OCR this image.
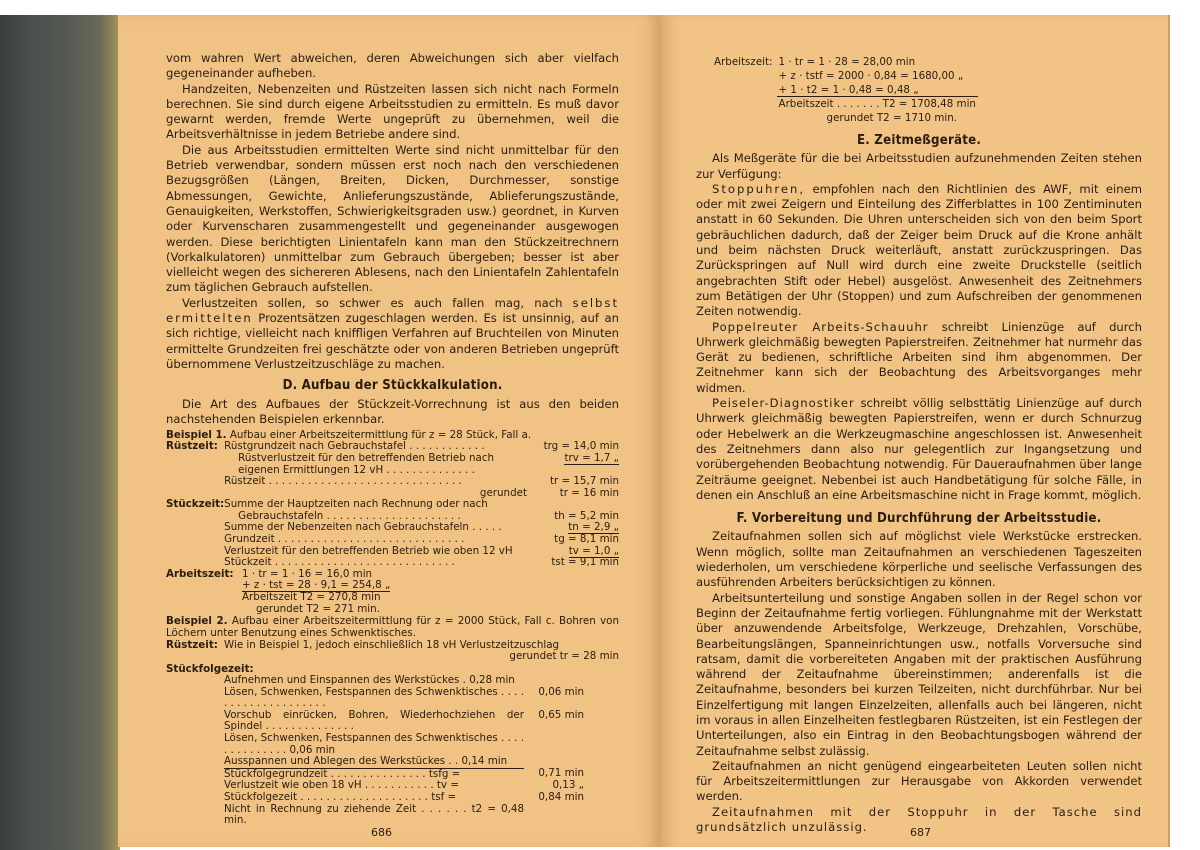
vom wahren Wert abweichen, deren Abweichungen sich aber vielfach gegeneinander aufheben.

Handzeiten, Nebenzeiten und Rüstzeiten lassen sich nicht nach Formeln berechnen. Sie sind durch eigene Arbeitsstudien zu ermitteln. Es muß davor gewarnt werden, fremde Werte ungeprüft zu übernehmen, weil die Arbeitsverhältnisse in jedem Betriebe andere sind.

Die aus Arbeitsstudien ermittelten Werte sind nicht unmittelbar für den Betrieb verwendbar, sondern müssen erst noch nach den verschiedenen Bezugsgrößen (Längen, Breiten, Dicken, Durchmesser, sonstige Abmessungen, Gewichte, Anlieferungszustände, Ablieferungszustände, Genauigkeiten, Werkstoffen, Schwierigkeitsgraden usw.) geordnet, in Kurven oder Kurvenscharen zusammengestellt und gegeneinander ausgewogen werden. Diese berichtigten Linientafeln kann man den Stückzeitrechnern (Vorkalkulatoren) unmittelbar zum Gebrauch übergeben; besser ist aber vielleicht wegen des sichereren Ablesens, nach den Linientafeln Zahlentafeln zum täglichen Gebrauch aufstellen.

Verlustzeiten sollen, so schwer es auch fallen mag, nach selbst ermittelten Prozentsätzen zugeschlagen werden. Es ist unsinnig, auf an sich richtige, vielleicht nach kniffligen Verfahren auf Bruchteilen von Minuten ermittelte Grundzeiten frei geschätzte oder von anderen Betrieben ungeprüft übernommene Verlustzeitzuschläge zu machen.

D. Aufbau der Stückkalkulation.

Die Art des Aufbaues der Stückzeit-Vorrechnung ist aus den beiden nachstehenden Beispielen erkennbar.

Beispiel 1. Aufbau einer Arbeitszeitermittlung für z = 28 Stück, Fall a.
Rüstzeit:	Rüstgrundzeit nach Gebrauchstafel . . . . . . . . . . . .	trg = 14,0 min

	Rüstverlustzeit für den betreffenden Betrieb nach
eigenen Ermittlungen 12 vH . . . . . . . . . . . . . .	trv = 1,7 „

	Rüstzeit . . . . . . . . . . . . . . . . . . . . . . . . . . . . . .	tr = 15,7 min
	gerundet	tr = 16 min
Stückzeit:	Summe der Hauptzeiten nach Rechnung oder nach
Gebrauchstafeln . . . . . . . . . . . . . . . . . . . . .	th = 5,2 min
	Summe der Nebenzeiten nach Gebrauchstafeln . . . . .	tn = 2,9 „
	Grundzeit . . . . . . . . . . . . . . . . . . . . . . . . . . . . .	tg = 8,1 min
	Verlustzeit für den betreffenden Betrieb wie oben 12 vH	tv = 1,0 „
	Stückzeit . . . . . . . . . . . . . . . . . . . . . . . . . . . .	tst = 9,1 min
Arbeitszeit:	1 · tr = 1 · 16 = 16,0 min
	+ z · tst = 28 · 9,1 = 254,8 „
	Arbeitszeit T2 = 270,8 min
	gerundet T2 = 271 min.
Beispiel 2. Aufbau einer Arbeitszeitermittlung für z = 2000 Stück, Fall c. Bohren von Löchern unter Benutzung eines Schwenktisches.
Rüstzeit:	Wie in Beispiel 1, jedoch einschließlich 18 vH Verlustzeitzuschlag
gerundet tr = 28 min
Stückfolgezeit:
Aufnehmen und Einspannen des Werkstückes . 0,28 min	
Lösen, Schwenken, Festspannen des Schwenktisches . . . . . . . . . . . . . . . . . . . .	0,06 min
Vorschub einrücken, Bohren, Wiederhochziehen der Spindel . . . . . . . . . . . . . .	0,65 min
Lösen, Schwenken, Festspannen des Schwenktisches . . . . . . . . . . . . . . 0,06 min	
Ausspannen und Ablegen des Werkstückes . . 0,14 min	
Stückfolgegrundzeit . . . . . . . . . . . . . . . tsfg =	0,71 min
Verlustzeit wie oben 18 vH . . . . . . . . . . . tv =	0,13 „
Stückfolgezeit . . . . . . . . . . . . . . . . . . . . tsf =	0,84 min
Nicht in Rechnung zu ziehende Zeit . . . . . . t2 = 0,48 min.	
686
Arbeitszeit:	1 · tr = 1 · 28 = 28,00 min
	+ z · tstf = 2000 · 0,84 = 1680,00 „
	+ 1 · t2 = 1 · 0,48 = 0,48 „
	Arbeitszeit . . . . . . . T2 = 1708,48 min
	gerundet T2 = 1710 min.
E. Zeitmeßgeräte.

Als Meßgeräte für die bei Arbeitsstudien aufzunehmenden Zeiten stehen zur Verfügung:

Stoppuhren, empfohlen nach den Richtlinien des AWF, mit einem oder mit zwei Zeigern und Einteilung des Zifferblattes in 100 Zentiminuten anstatt in 60 Sekunden. Die Uhren unterscheiden sich von den beim Sport gebräuchlichen dadurch, daß der Zeiger beim Druck auf die Krone anhält und beim nächsten Druck weiterläuft, anstatt zurückzuspringen. Das Zurückspringen auf Null wird durch eine zweite Druckstelle (seitlich angebrachten Stift oder Hebel) ausgelöst. Anwesenheit des Zeitnehmers zum Betätigen der Uhr (Stoppen) und zum Aufschreiben der genommenen Zeiten notwendig.

Poppelreuter Arbeits-Schauuhr schreibt Linienzüge auf durch Uhrwerk gleichmäßig bewegten Papierstreifen. Zeitnehmer hat nurmehr das Gerät zu bedienen, schriftliche Arbeiten sind ihm abgenommen. Der Zeitnehmer kann sich der Beobachtung des Arbeitsvorganges mehr widmen.

Peiseler-Diagnostiker schreibt völlig selbsttätig Linienzüge auf durch Uhrwerk gleichmäßig bewegten Papierstreifen, wenn er durch Schnurzug oder Hebelwerk an die Werkzeugmaschine angeschlossen ist. Anwesenheit des Zeitnehmers dann also nur gelegentlich zur Ingangsetzung und vorübergehenden Beobachtung notwendig. Für Daueraufnahmen über lange Zeiträume geeignet. Nebenbei ist auch Handbetätigung für solche Fälle, in denen ein Anschluß an eine Arbeitsmaschine nicht in Frage kommt, möglich.

F. Vorbereitung und Durchführung der Arbeitsstudie.

Zeitaufnahmen sollen sich auf möglichst viele Werkstücke erstrecken. Wenn möglich, sollte man Zeitaufnahmen an verschiedenen Tageszeiten wiederholen, um verschiedene körperliche und seelische Verfassungen des ausführenden Arbeiters berücksichtigen zu können.

Arbeitsunterteilung und sonstige Angaben sollen in der Regel schon vor Beginn der Zeitaufnahme fertig vorliegen. Fühlungnahme mit der Werkstatt über anzuwendende Arbeitsfolge, Werkzeuge, Drehzahlen, Vorschübe, Bearbeitungslängen, Spanneinrichtungen usw., notfalls Vorversuche sind ratsam, damit die vorbereiteten Angaben mit der praktischen Ausführung während der Zeitaufnahme übereinstimmen; anderenfalls ist die Zeitaufnahme, besonders bei kurzen Teilzeiten, nicht durchführbar. Nur bei Einzelfertigung mit langen Einzelzeiten, allenfalls auch bei längeren, nicht im voraus in allen Einzelheiten festlegbaren Rüstzeiten, ist ein Festlegen der Unterteilungen, also ein Eintrag in den Beobachtungsbogen während der Zeitaufnahme selbst zulässig.

Zeitaufnahmen an nicht genügend eingearbeiteten Leuten sollen nicht für Arbeitszeitermittlungen zur Herausgabe von Akkorden verwendet werden.

Zeitaufnahmen mit der Stoppuhr in der Tasche sind grundsätzlich unzulässig.	687
